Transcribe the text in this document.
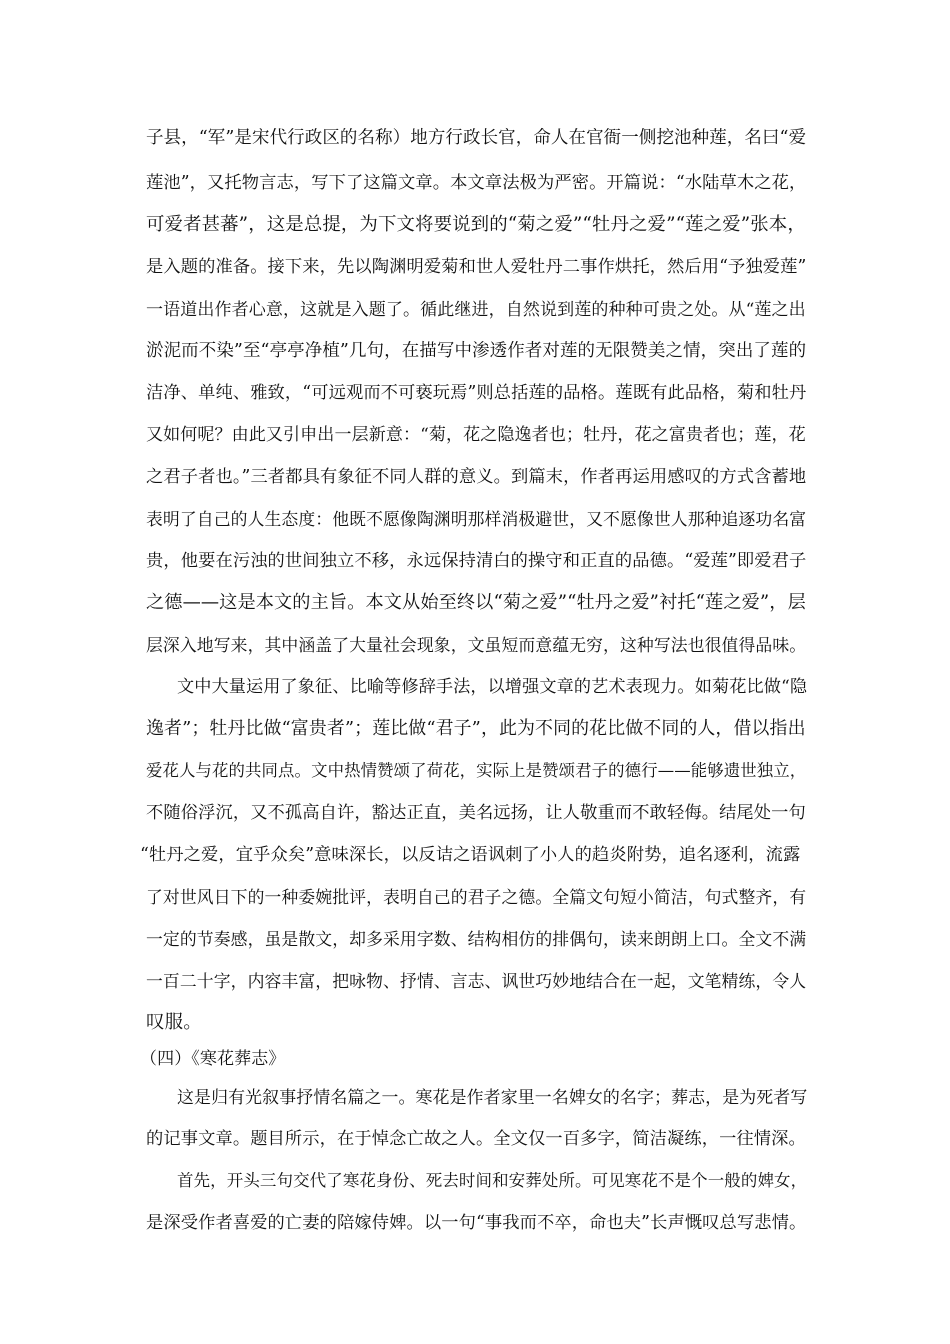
子县，“军”是宋代行政区的名称）地方行政长官，命人在官衙一侧挖池种莲，名曰“爱
莲池”，又托物言志，写下了这篇文章。本文章法极为严密。开篇说：“水陆草木之花，
可爱者甚蕃”，这是总提，为下文将要说到的“菊之爱”“牡丹之爱”“莲之爱”张本，
是入题的准备。接下来，先以陶渊明爱菊和世人爱牡丹二事作烘托，然后用“予独爱莲”
一语道出作者心意，这就是入题了。循此继进，自然说到莲的种种可贵之处。从“莲之出
淤泥而不染”至“亭亭净植”几句，在描写中渗透作者对莲的无限赞美之情，突出了莲的
洁净、单纯、雅致，“可远观而不可亵玩焉”则总括莲的品格。莲既有此品格，菊和牡丹
又如何呢？由此又引申出一层新意：“菊，花之隐逸者也；牡丹，花之富贵者也；莲，花
之君子者也。”三者都具有象征不同人群的意义。到篇末，作者再运用感叹的方式含蓄地
表明了自己的人生态度：他既不愿像陶渊明那样消极避世，又不愿像世人那种追逐功名富
贵，他要在污浊的世间独立不移，永远保持清白的操守和正直的品德。“爱莲”即爱君子
之德——这是本文的主旨。本文从始至终以“菊之爱”“牡丹之爱”衬托“莲之爱”，层
层深入地写来，其中涵盖了大量社会现象，文虽短而意蕴无穷，这种写法也很值得品味。
文中大量运用了象征、比喻等修辞手法，以增强文章的艺术表现力。如菊花比做“隐
逸者”；牡丹比做“富贵者”；莲比做“君子”，此为不同的花比做不同的人，借以指出
爱花人与花的共同点。文中热情赞颂了荷花，实际上是赞颂君子的德行——能够遗世独立，
不随俗浮沉，又不孤高自许，豁达正直，美名远扬，让人敬重而不敢轻侮。结尾处一句
“牡丹之爱，宜乎众矣”意味深长，以反诘之语讽刺了小人的趋炎附势，追名逐利，流露
了对世风日下的一种委婉批评，表明自己的君子之德。全篇文句短小简洁，句式整齐，有
一定的节奏感，虽是散文，却多采用字数、结构相仿的排偶句，读来朗朗上口。全文不满
一百二十字，内容丰富，把咏物、抒情、言志、讽世巧妙地结合在一起，文笔精练，令人
叹服。
（四）《寒花葬志》
这是归有光叙事抒情名篇之一。寒花是作者家里一名婢女的名字；葬志，是为死者写
的记事文章。题目所示，在于悼念亡故之人。全文仅一百多字，简洁凝练，一往情深。
首先，开头三句交代了寒花身份、死去时间和安葬处所。可见寒花不是个一般的婢女，
是深受作者喜爱的亡妻的陪嫁侍婢。以一句“事我而不卒，命也夫”长声慨叹总写悲情。
